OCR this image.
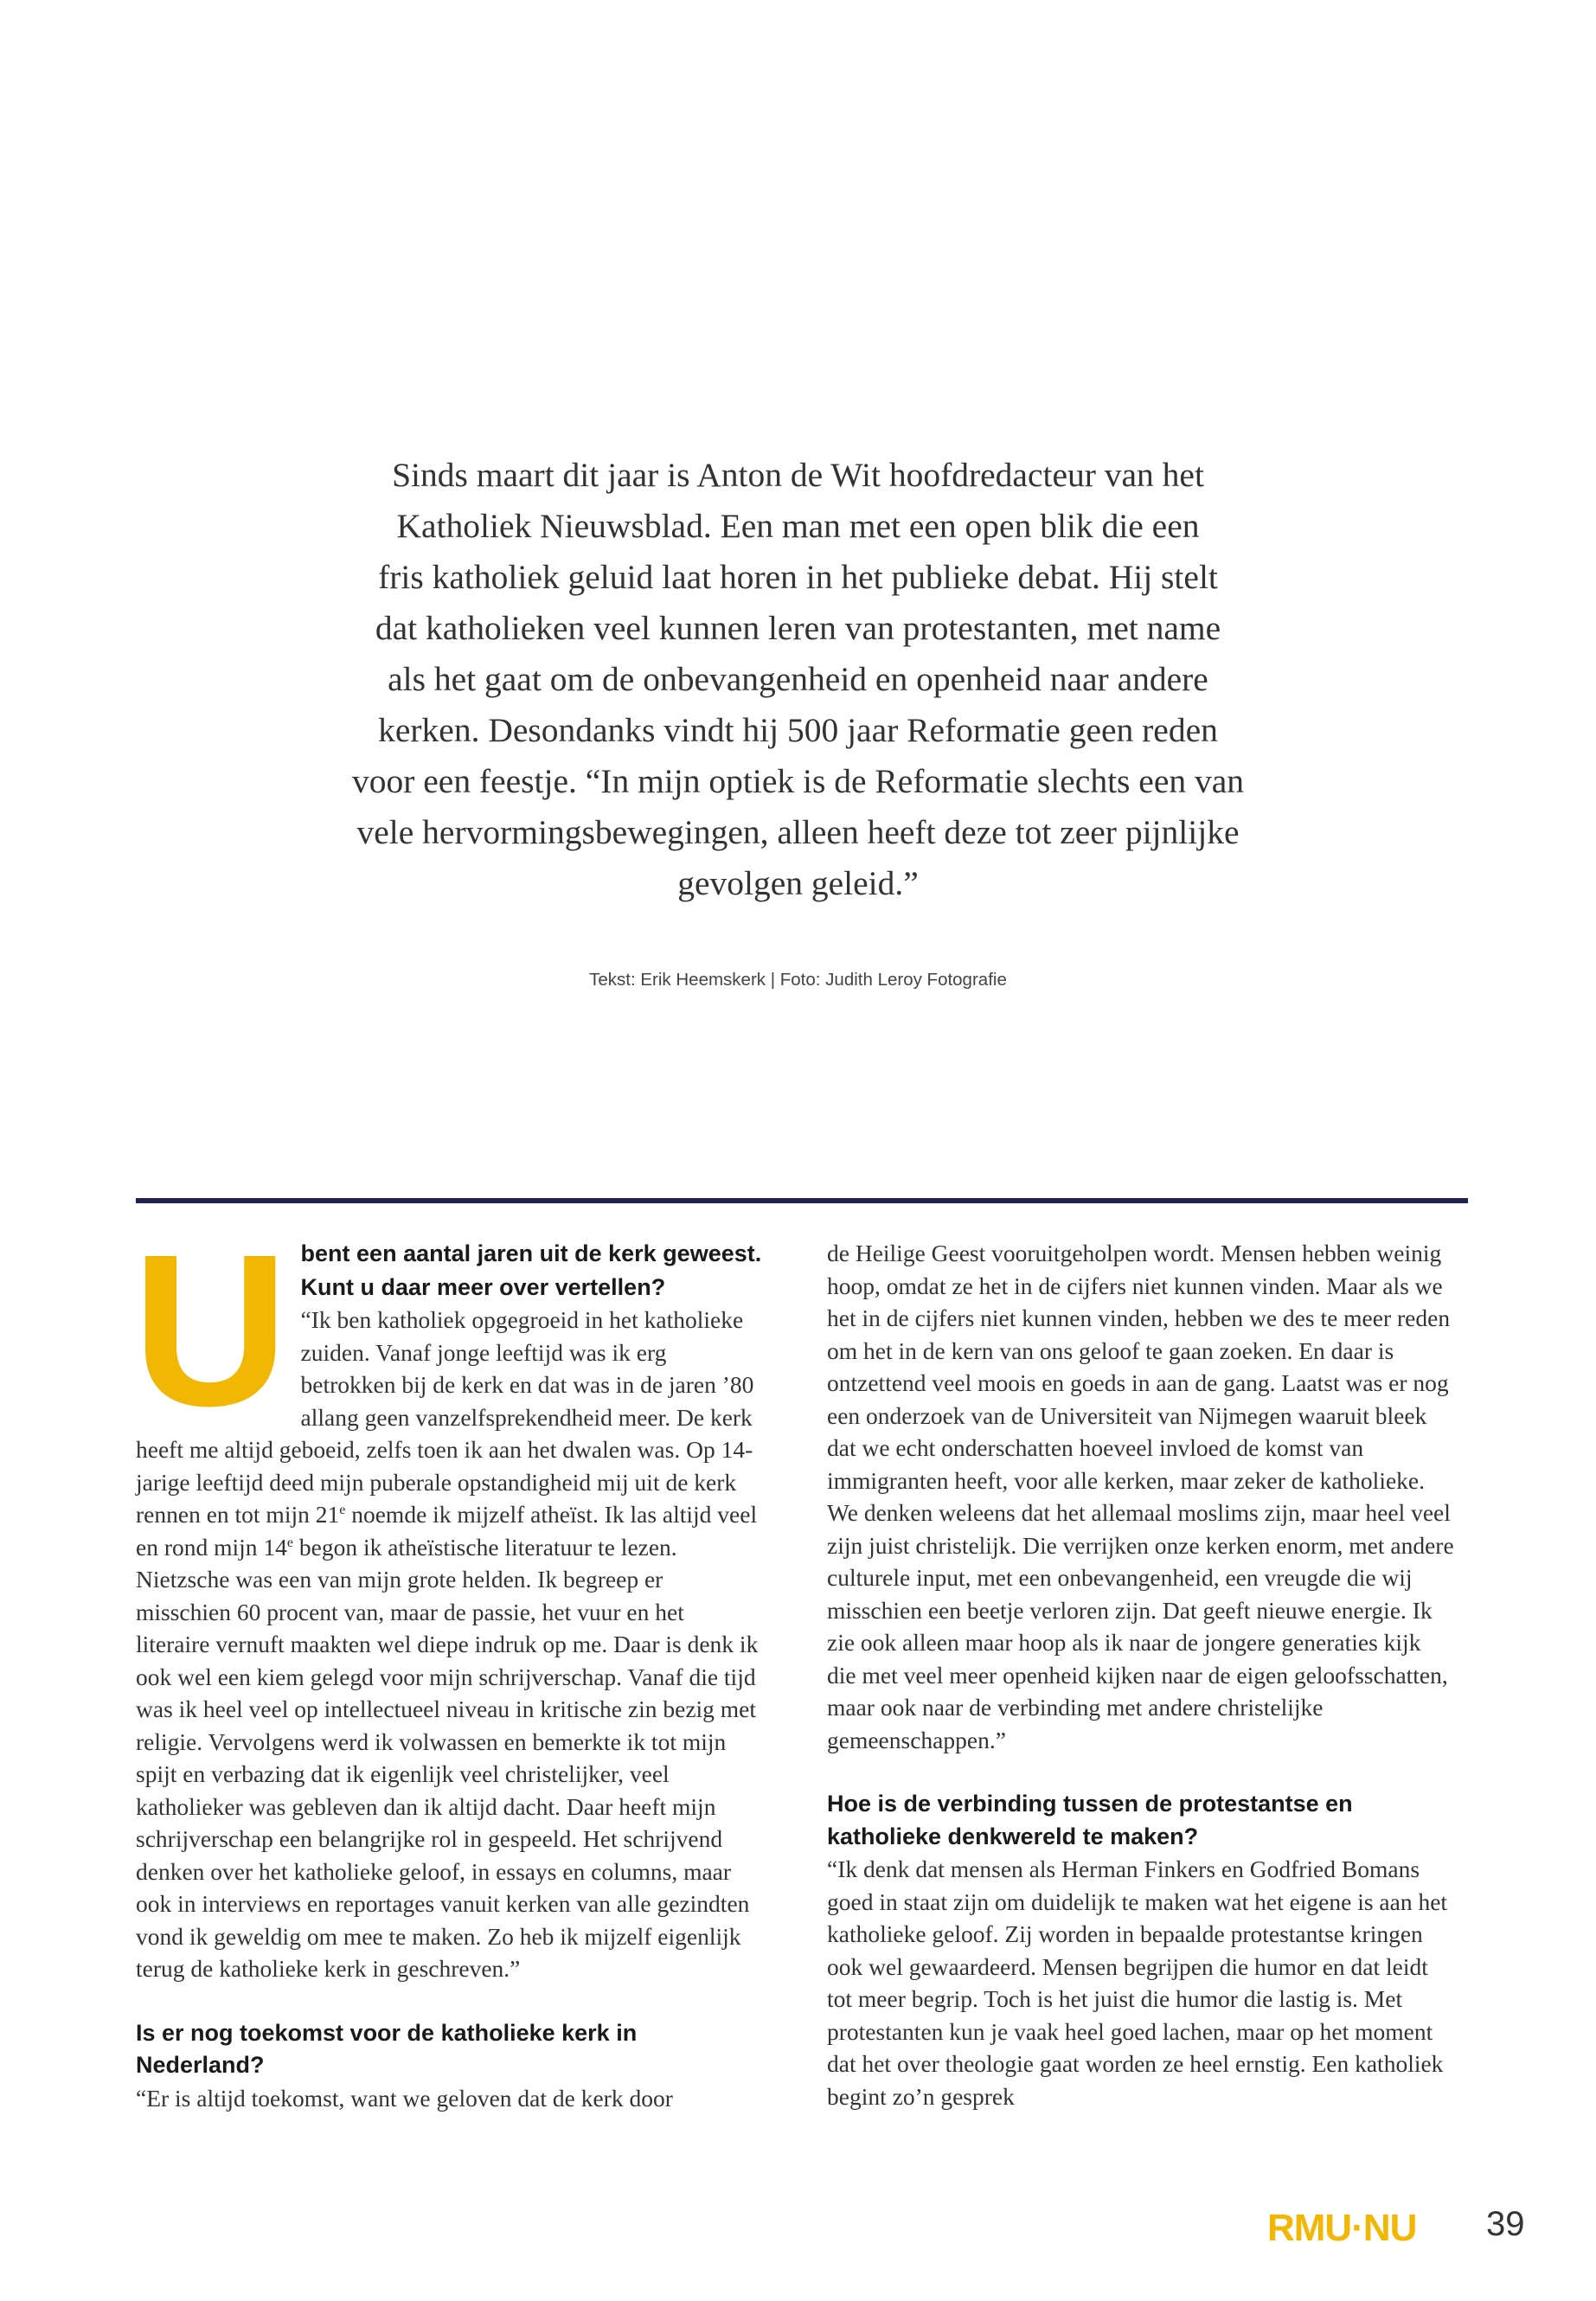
Sinds maart dit jaar is Anton de Wit hoofdredacteur van het

Katholiek Nieuwsblad. Een man met een open blik die een

fris katholiek geluid laat horen in het publieke debat. Hij stelt

dat katholieken veel kunnen leren van protestanten, met name

als het gaat om de onbevangenheid en openheid naar andere

kerken. Desondanks vindt hij 500 jaar Reformatie geen reden

voor een feestje. “In mijn optiek is de Reformatie slechts een van

vele hervormingsbewegingen, alleen heeft deze tot zeer pijnlijke

gevolgen geleid.”

Tekst: Erik Heemskerk | Foto: Judith Leroy Fotografie
U bent een aantal jaren uit de kerk geweest. Kunt u daar meer over vertellen?
“Ik ben katholiek opgegroeid in het katholieke zuiden. Vanaf jonge leeftijd was ik erg betrokken bij de kerk en dat was in de jaren ’80 allang geen vanzelfsprekendheid meer. De kerk heeft me altijd geboeid, zelfs toen ik aan het dwalen was. Op 14-jarige leeftijd deed mijn puberale opstandigheid mij uit de kerk rennen en tot mijn 21e noemde ik mijzelf atheïst. Ik las altijd veel en rond mijn 14e begon ik atheïstische literatuur te lezen. Nietzsche was een van mijn grote helden. Ik begreep er misschien 60 procent van, maar de passie, het vuur en het literaire vernuft maakten wel diepe indruk op me. Daar is denk ik ook wel een kiem gelegd voor mijn schrijverschap. Vanaf die tijd was ik heel veel op intellectueel niveau in kritische zin bezig met religie. Vervolgens werd ik volwassen en bemerkte ik tot mijn spijt en verbazing dat ik eigenlijk veel christelijker, veel katholieker was gebleven dan ik altijd dacht. Daar heeft mijn schrijverschap een belangrijke rol in gespeeld. Het schrijvend denken over het katholieke geloof, in essays en columns, maar ook in interviews en reportages vanuit kerken van alle gezindten vond ik geweldig om mee te maken. Zo heb ik mijzelf eigenlijk terug de katholieke kerk in geschreven.”

Is er nog toekomst voor de katholieke kerk in Nederland?

“Er is altijd toekomst, want we geloven dat de kerk door

de Heilige Geest vooruitgeholpen wordt. Mensen hebben weinig hoop, omdat ze het in de cijfers niet kunnen vinden. Maar als we het in de cijfers niet kunnen vinden, hebben we des te meer reden om het in de kern van ons geloof te gaan zoeken. En daar is ontzettend veel moois en goeds in aan de gang. Laatst was er nog een onderzoek van de Universiteit van Nijmegen waaruit bleek dat we echt onderschatten hoeveel invloed de komst van immigranten heeft, voor alle kerken, maar zeker de katholieke. We denken weleens dat het allemaal moslims zijn, maar heel veel zijn juist christelijk. Die verrijken onze kerken enorm, met andere culturele input, met een onbevangenheid, een vreugde die wij misschien een beetje verloren zijn. Dat geeft nieuwe energie. Ik zie ook alleen maar hoop als ik naar de jongere generaties kijk die met veel meer openheid kijken naar de eigen geloofsschatten, maar ook naar de verbinding met andere christelijke gemeenschappen.”

Hoe is de verbinding tussen de protestantse en katholieke denkwereld te maken?

“Ik denk dat mensen als Herman Finkers en Godfried Bomans goed in staat zijn om duidelijk te maken wat het eigene is aan het katholieke geloof. Zij worden in bepaalde protestantse kringen ook wel gewaardeerd. Mensen begrijpen die humor en dat leidt tot meer begrip. Toch is het juist die humor die lastig is. Met protestanten kun je vaak heel goed lachen, maar op het moment dat het over theologie gaat worden ze heel ernstig. Een katholiek begint zo’n gesprek

RMU·NU 39
